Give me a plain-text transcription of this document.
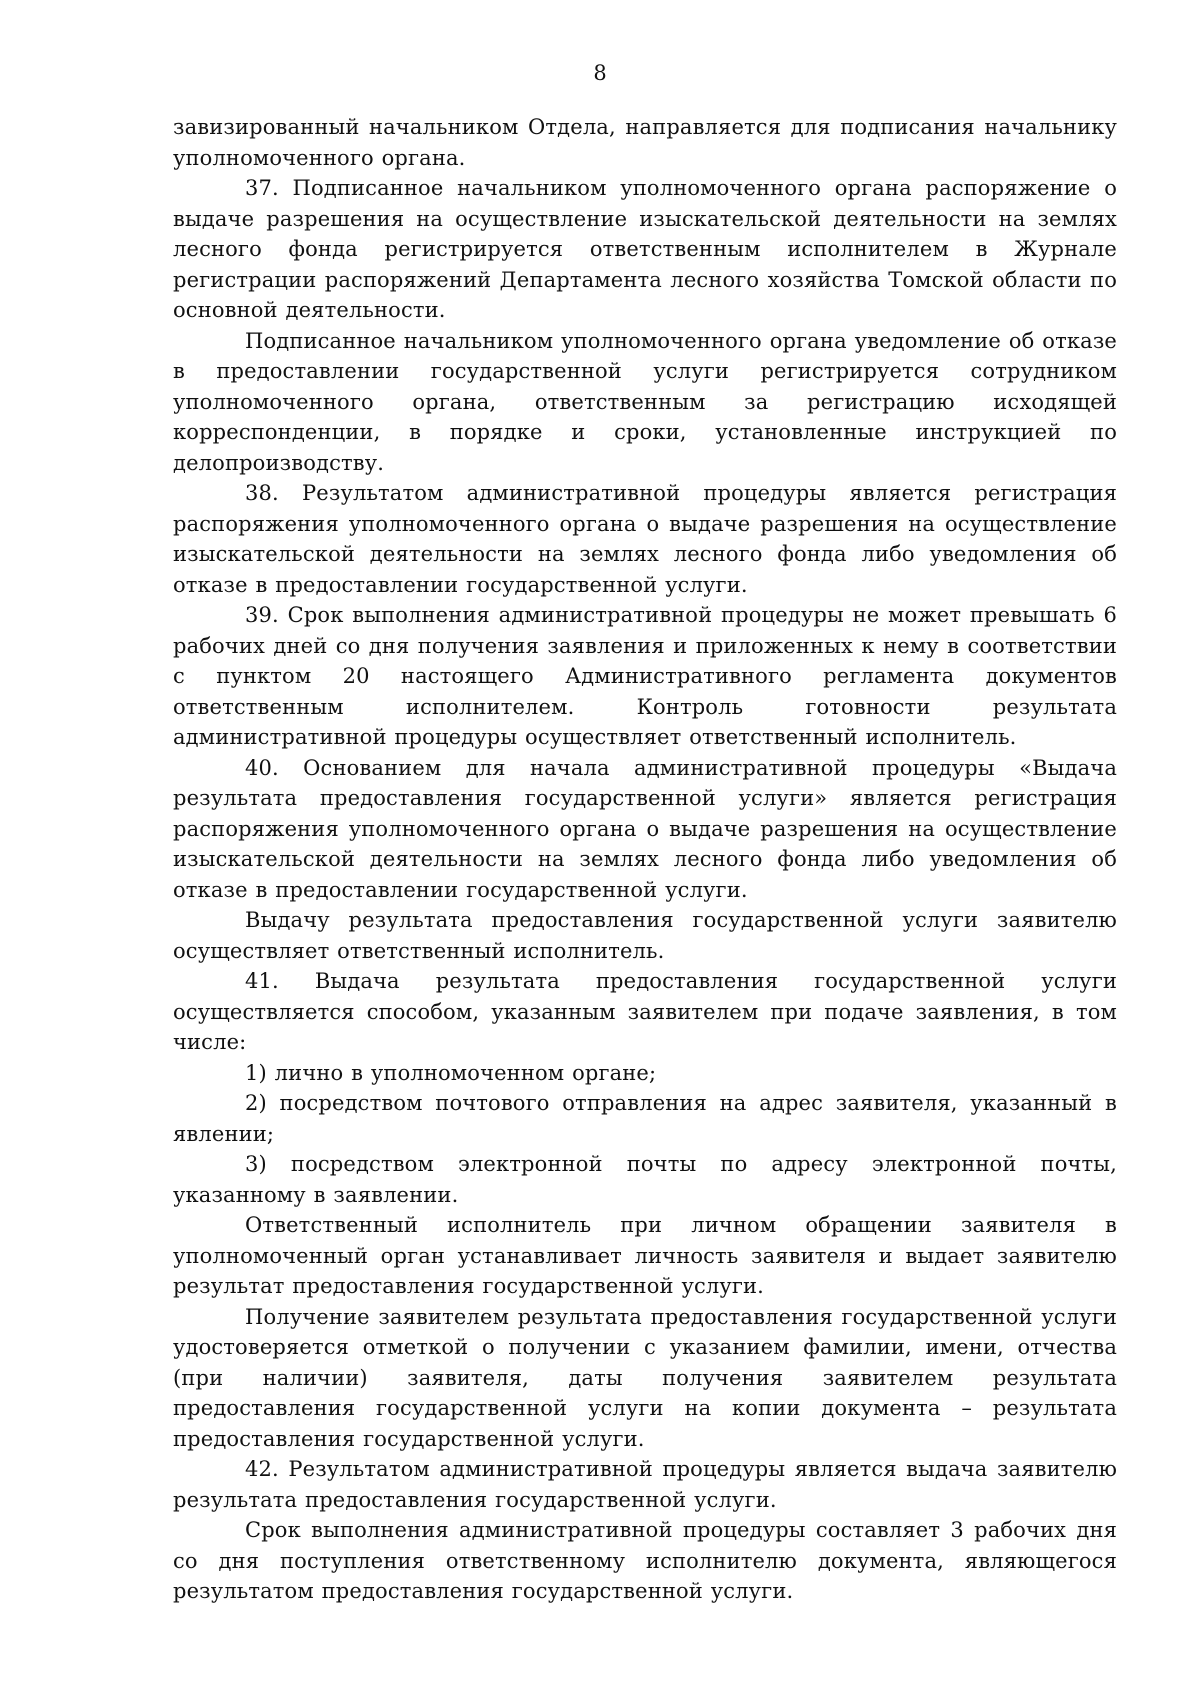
8

завизированный начальником Отдела, направляется для подписания начальнику уполномоченного органа.

37. Подписанное начальником уполномоченного органа распоряжение о выдаче разрешения на осуществление изыскательской деятельности на землях лесного фонда регистрируется ответственным исполнителем в Журнале регистрации распоряжений Департамента лесного хозяйства Томской области по основной деятельности.

Подписанное начальником уполномоченного органа уведомление об отказе в предоставлении государственной услуги регистрируется сотрудником уполномоченного органа, ответственным за регистрацию исходящей корреспонденции, в порядке и сроки, установленные инструкцией по делопроизводству.

38. Результатом административной процедуры является регистрация распоряжения уполномоченного органа о выдаче разрешения на осуществление изыскательской деятельности на землях лесного фонда либо уведомления об отказе в предоставлении государственной услуги.

39. Срок выполнения административной процедуры не может превышать 6 рабочих дней со дня получения заявления и приложенных к нему в соответствии с пунктом 20 настоящего Административного регламента документов ответственным исполнителем. Контроль готовности результата административной процедуры осуществляет ответственный исполнитель.

40. Основанием для начала административной процедуры «Выдача результата предоставления государственной услуги» является регистрация распоряжения уполномоченного органа о выдаче разрешения на осуществление изыскательской деятельности на землях лесного фонда либо уведомления об отказе в предоставлении государственной услуги.

Выдачу результата предоставления государственной услуги заявителю осуществляет ответственный исполнитель.

41. Выдача результата предоставления государственной услуги осуществляется способом, указанным заявителем при подаче заявления, в том числе:

1) лично в уполномоченном органе;

2) посредством почтового отправления на адрес заявителя, указанный в явлении;

3) посредством электронной почты по адресу электронной почты, указанному в заявлении.

Ответственный исполнитель при личном обращении заявителя в уполномоченный орган устанавливает личность заявителя и выдает заявителю результат предоставления государственной услуги.

Получение заявителем результата предоставления государственной услуги удостоверяется отметкой о получении с указанием фамилии, имени, отчества (при наличии) заявителя, даты получения заявителем результата предоставления государственной услуги на копии документа – результата предоставления государственной услуги.

42. Результатом административной процедуры является выдача заявителю результата предоставления государственной услуги.

Срок выполнения административной процедуры составляет 3 рабочих дня со дня поступления ответственному исполнителю документа, являющегося результатом предоставления государственной услуги.
